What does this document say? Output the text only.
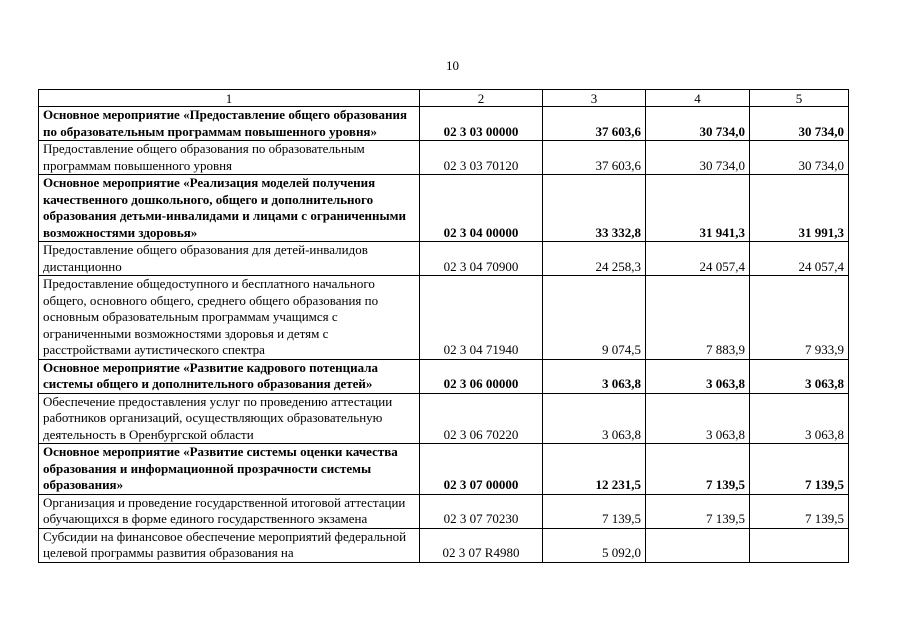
10
1	2	3	4	5
Основное мероприятие «Предоставление общего образования по образовательным программам повышенного уровня»	02 3 03 00000	37 603,6	30 734,0	30 734,0
Предоставление общего образования по образовательным программам повышенного уровня	02 3 03 70120	37 603,6	30 734,0	30 734,0
Основное мероприятие «Реализация моделей получения качественного дошкольного, общего и дополнительного образования детьми-инвалидами и лицами с ограниченными возможностями здоровья»	02 3 04 00000	33 332,8	31 941,3	31 991,3
Предоставление общего образования для детей-инвалидов дистанционно	02 3 04 70900	24 258,3	24 057,4	24 057,4
Предоставление общедоступного и бесплатного начального общего, основного общего, среднего общего образования по основным образовательным программам учащимся с ограниченными возможностями здоровья и детям с расстройствами аутистического спектра	02 3 04 71940	9 074,5	7 883,9	7 933,9
Основное мероприятие «Развитие кадрового потенциала системы общего и дополнительного образования детей»	02 3 06 00000	3 063,8	3 063,8	3 063,8
Обеспечение предоставления услуг по проведению аттестации работников организаций, осуществляющих образовательную деятельность в Оренбургской области	02 3 06 70220	3 063,8	3 063,8	3 063,8
Основное мероприятие «Развитие системы оценки качества образования и информационной прозрачности системы образования»	02 3 07 00000	12 231,5	7 139,5	7 139,5
Организация и проведение государственной итоговой аттестации обучающихся в форме единого государственного экзамена	02 3 07 70230	7 139,5	7 139,5	7 139,5
Субсидии на финансовое обеспечение мероприятий федеральной целевой программы развития образования на	02 3 07 R4980	5 092,0		
